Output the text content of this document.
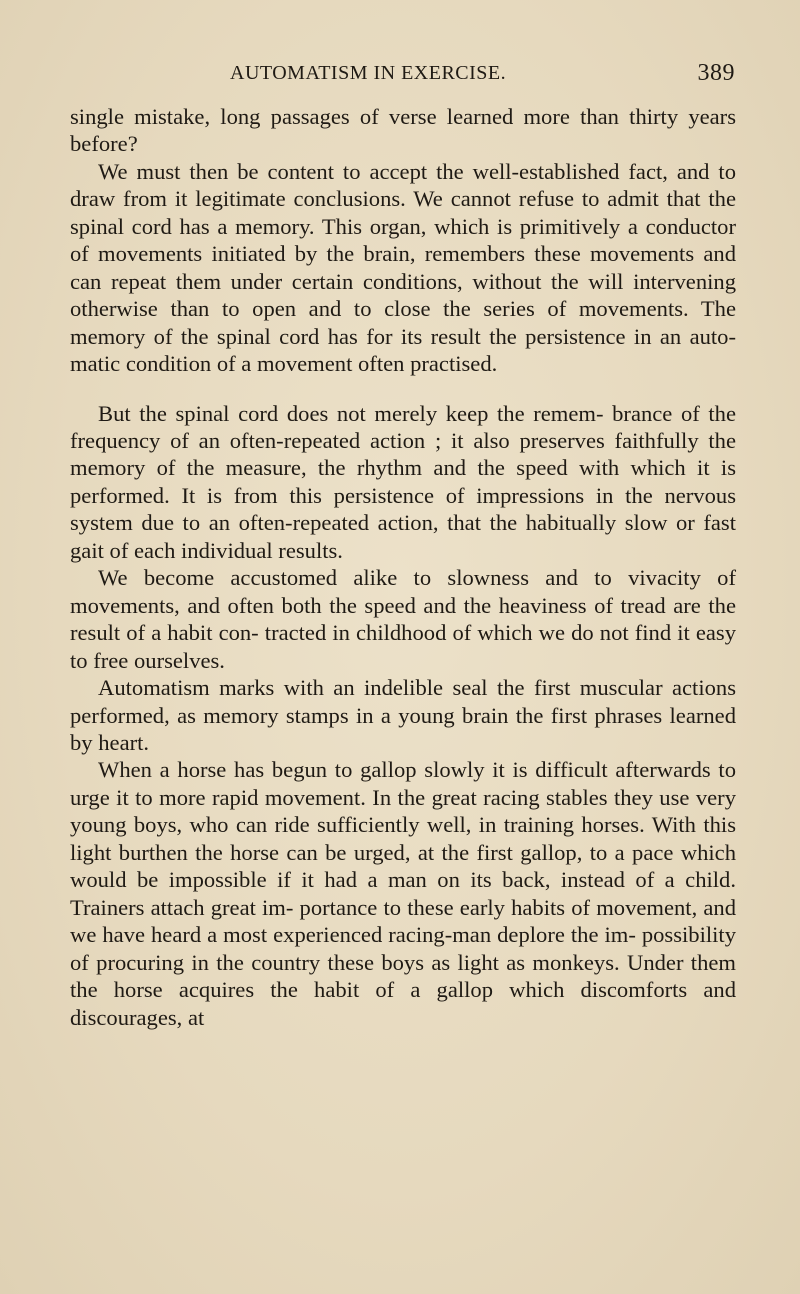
AUTOMATISM IN EXERCISE.	389

single mistake, long passages of verse learned more than thirty years before?

We must then be content to accept the well-established fact, and to draw from it legitimate conclusions. We cannot refuse to admit that the spinal cord has a memory. This organ, which is primitively a conductor of movements initiated by the brain, remembers these movements and can repeat them under certain conditions, without the will intervening otherwise than to open and to close the series of movements. The memory of the spinal cord has for its result the persistence in an auto- matic condition of a movement often practised.

But the spinal cord does not merely keep the remem- brance of the frequency of an often-repeated action ; it also preserves faithfully the memory of the measure, the rhythm and the speed with which it is performed. It is from this persistence of impressions in the nervous system due to an often-repeated action, that the habitually slow or fast gait of each individual results.

We become accustomed alike to slowness and to vivacity of movements, and often both the speed and the heaviness of tread are the result of a habit con- tracted in childhood of which we do not find it easy to free ourselves.

Automatism marks with an indelible seal the first muscular actions performed, as memory stamps in a young brain the first phrases learned by heart.

When a horse has begun to gallop slowly it is difficult afterwards to urge it to more rapid movement. In the great racing stables they use very young boys, who can ride sufficiently well, in training horses. With this light burthen the horse can be urged, at the first gallop, to a pace which would be impossible if it had a man on its back, instead of a child. Trainers attach great im- portance to these early habits of movement, and we have heard a most experienced racing-man deplore the im- possibility of procuring in the country these boys as light as monkeys. Under them the horse acquires the habit of a gallop which discomforts and discourages, at
